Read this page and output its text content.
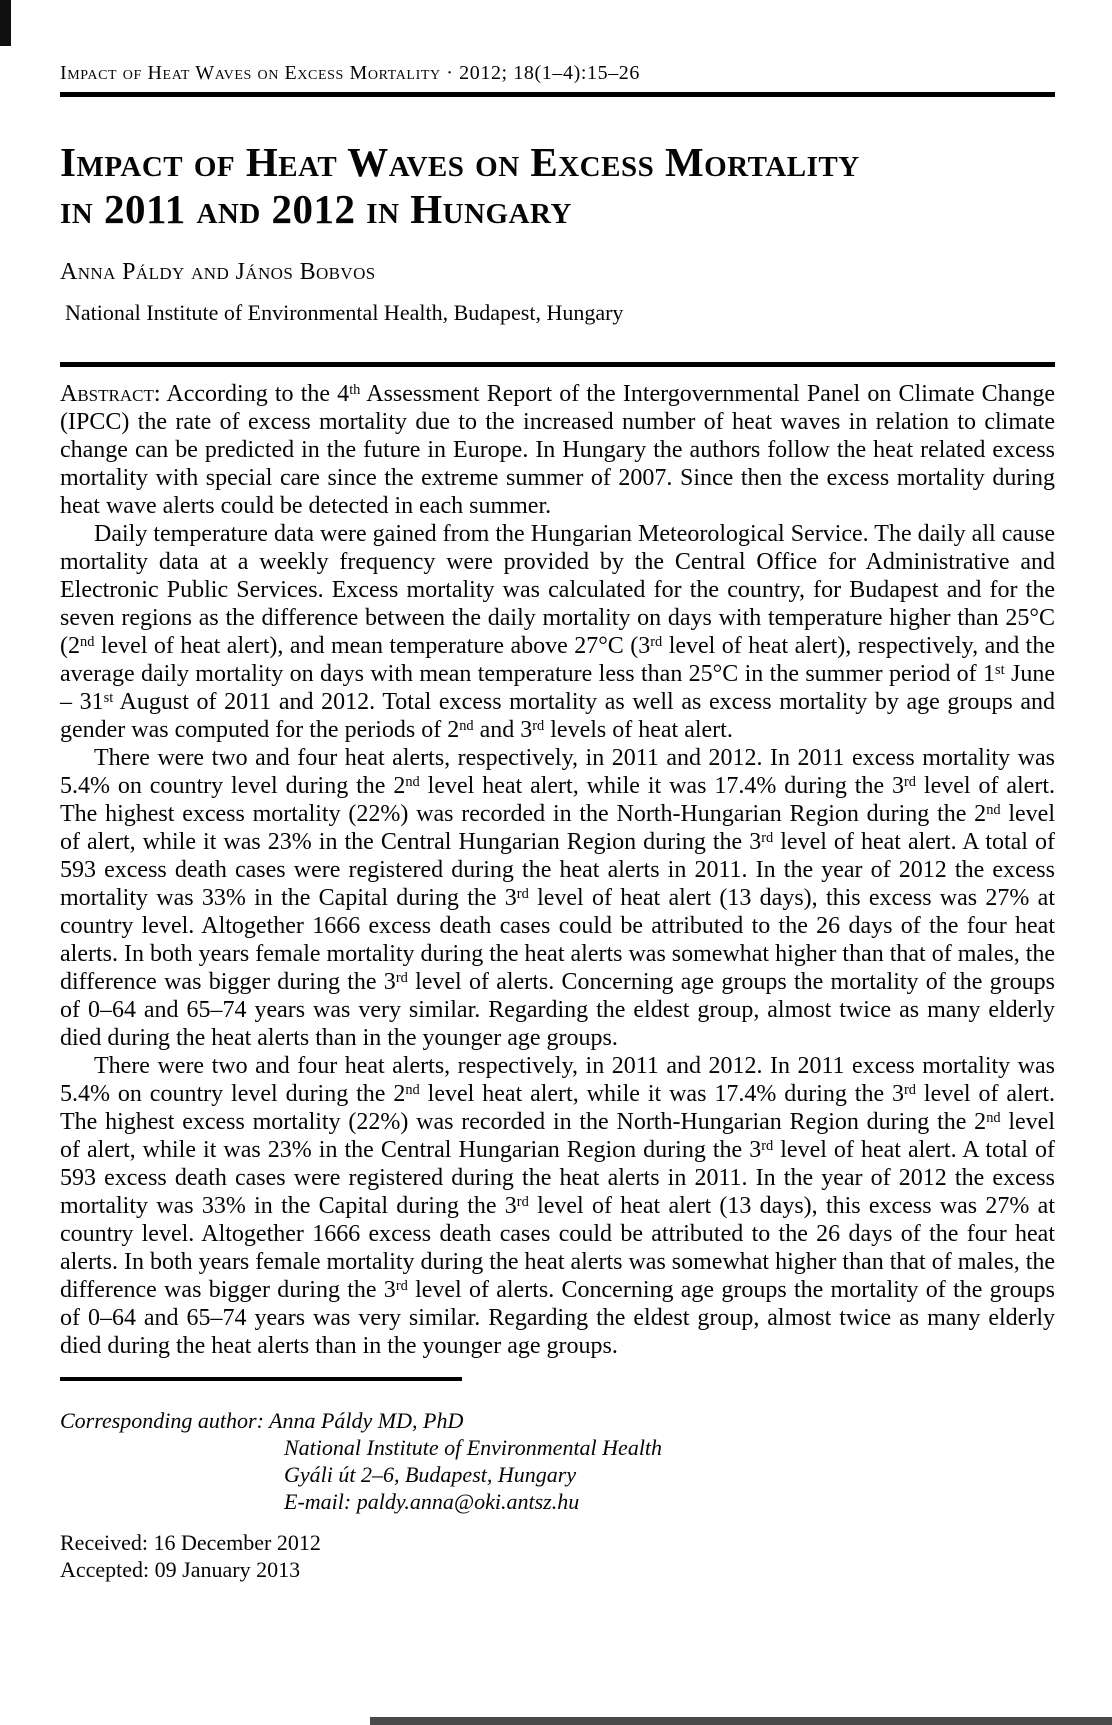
Impact of Heat Waves on Excess Mortality · 2012; 18(1–4):15–26
Impact of Heat Waves on Excess Mortality
in 2011 and 2012 in Hungary
Anna Páldy and János Bobvos
National Institute of Environmental Health, Budapest, Hungary

Abstract: According to the 4th Assessment Report of the Intergovernmental Panel on Climate Change (IPCC) the rate of excess mortality due to the increased number of heat waves in relation to climate change can be predicted in the future in Europe. In Hungary the authors follow the heat related excess mortality with special care since the extreme summer of 2007. Since then the excess mortality during heat wave alerts could be detected in each summer.

Daily temperature data were gained from the Hungarian Meteorological Service. The daily all cause mortality data at a weekly frequency were provided by the Central Office for Administrative and Electronic Public Services. Excess mortality was calculated for the country, for Budapest and for the seven regions as the difference between the daily mortality on days with temperature higher than 25°C (2nd level of heat alert), and mean temperature above 27°C (3rd level of heat alert), respectively, and the average daily mortality on days with mean temperature less than 25°C in the summer period of 1st June – 31st August of 2011 and 2012. Total excess mortality as well as excess mortality by age groups and gender was computed for the periods of 2nd and 3rd levels of heat alert.

There were two and four heat alerts, respectively, in 2011 and 2012. In 2011 excess mortality was 5.4% on country level during the 2nd level heat alert, while it was 17.4% during the 3rd level of alert. The highest excess mortality (22%) was recorded in the North-Hungarian Region during the 2nd level of alert, while it was 23% in the Central Hungarian Region during the 3rd level of heat alert. A total of 593 excess death cases were registered during the heat alerts in 2011. In the year of 2012 the excess mortality was 33% in the Capital during the 3rd level of heat alert (13 days), this excess was 27% at country level. Altogether 1666 excess death cases could be attributed to the 26 days of the four heat alerts. In both years female mortality during the heat alerts was somewhat higher than that of males, the difference was bigger during the 3rd level of alerts. Concerning age groups the mortality of the groups of 0–64 and 65–74 years was very similar. Regarding the eldest group, almost twice as many elderly died during the heat alerts than in the younger age groups.

There were two and four heat alerts, respectively, in 2011 and 2012. In 2011 excess mortality was 5.4% on country level during the 2nd level heat alert, while it was 17.4% during the 3rd level of alert. The highest excess mortality (22%) was recorded in the North-Hungarian Region during the 2nd level of alert, while it was 23% in the Central Hungarian Region during the 3rd level of heat alert. A total of 593 excess death cases were registered during the heat alerts in 2011. In the year of 2012 the excess mortality was 33% in the Capital during the 3rd level of heat alert (13 days), this excess was 27% at country level. Altogether 1666 excess death cases could be attributed to the 26 days of the four heat alerts. In both years female mortality during the heat alerts was somewhat higher than that of males, the difference was bigger during the 3rd level of alerts. Concerning age groups the mortality of the groups of 0–64 and 65–74 years was very similar. Regarding the eldest group, almost twice as many elderly died during the heat alerts than in the younger age groups.

Corresponding author: Anna Páldy MD, PhD

National Institute of Environmental Health

Gyáli út 2–6, Budapest, Hungary

E-mail: paldy.anna@oki.antsz.hu

Received: 16 December 2012

Accepted: 09 January 2013
